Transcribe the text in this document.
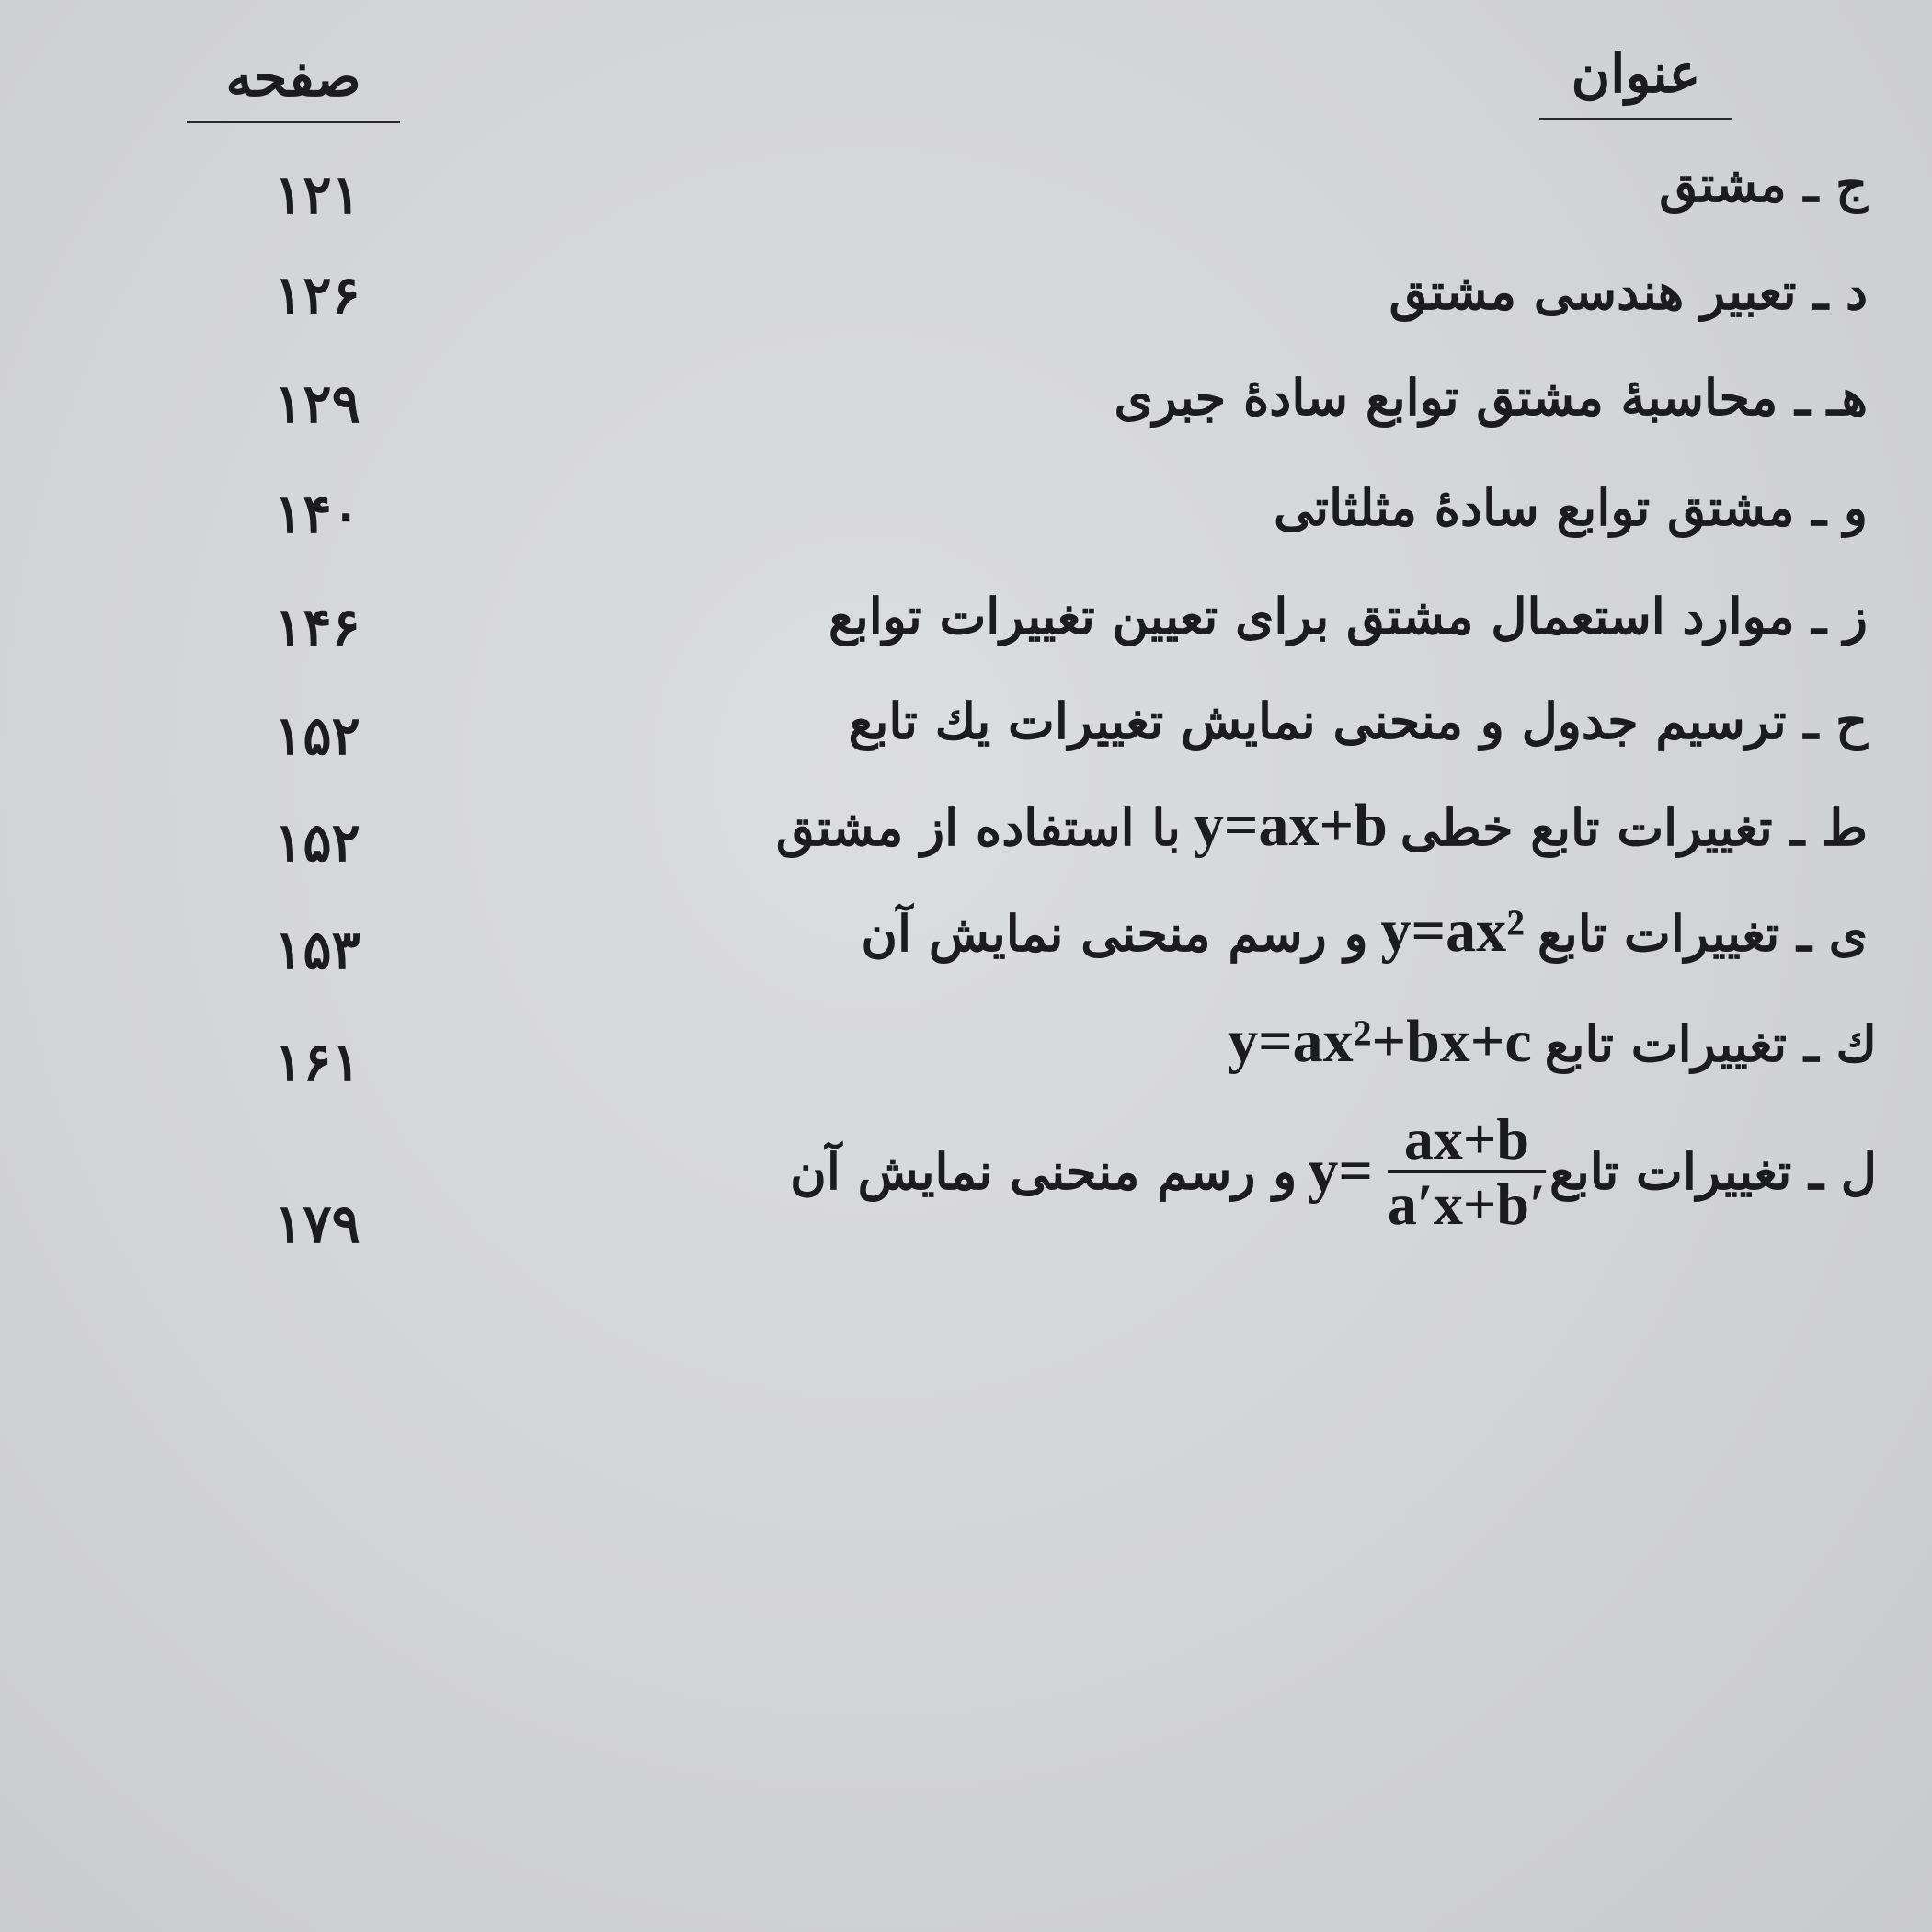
عنوان
صفحه
ج ـ مشتق
۱۲۱
د ـ تعبیر هندسی مشتق
۱۲۶
هـ ـ محاسبهٔ مشتق توابع سادهٔ جبری
۱۲۹
و ـ مشتق توابع سادهٔ مثلثاتی
۱۴۰
ز ـ موارد استعمال مشتق برای تعیین تغییرات توابع
۱۴۶
ح ـ ترسیم جدول و منحنی نمایش تغییرات یك تابع
۱۵۲
ط ـ تغییرات تابع خطیy=ax+bبا استفاده از مشتق
۱۵۲
ی ـ تغییرات تابعy=ax²و رسم منحنی نمایش آن
۱۵۳
ك ـ تغییرات تابعy=ax²+bx+c
۱۶۱
ل ـ تغییرات تابع
$\frac{ax+b}{a'x+b'}$
y=
و رسم منحنی نمایش آن
۱۷۹
